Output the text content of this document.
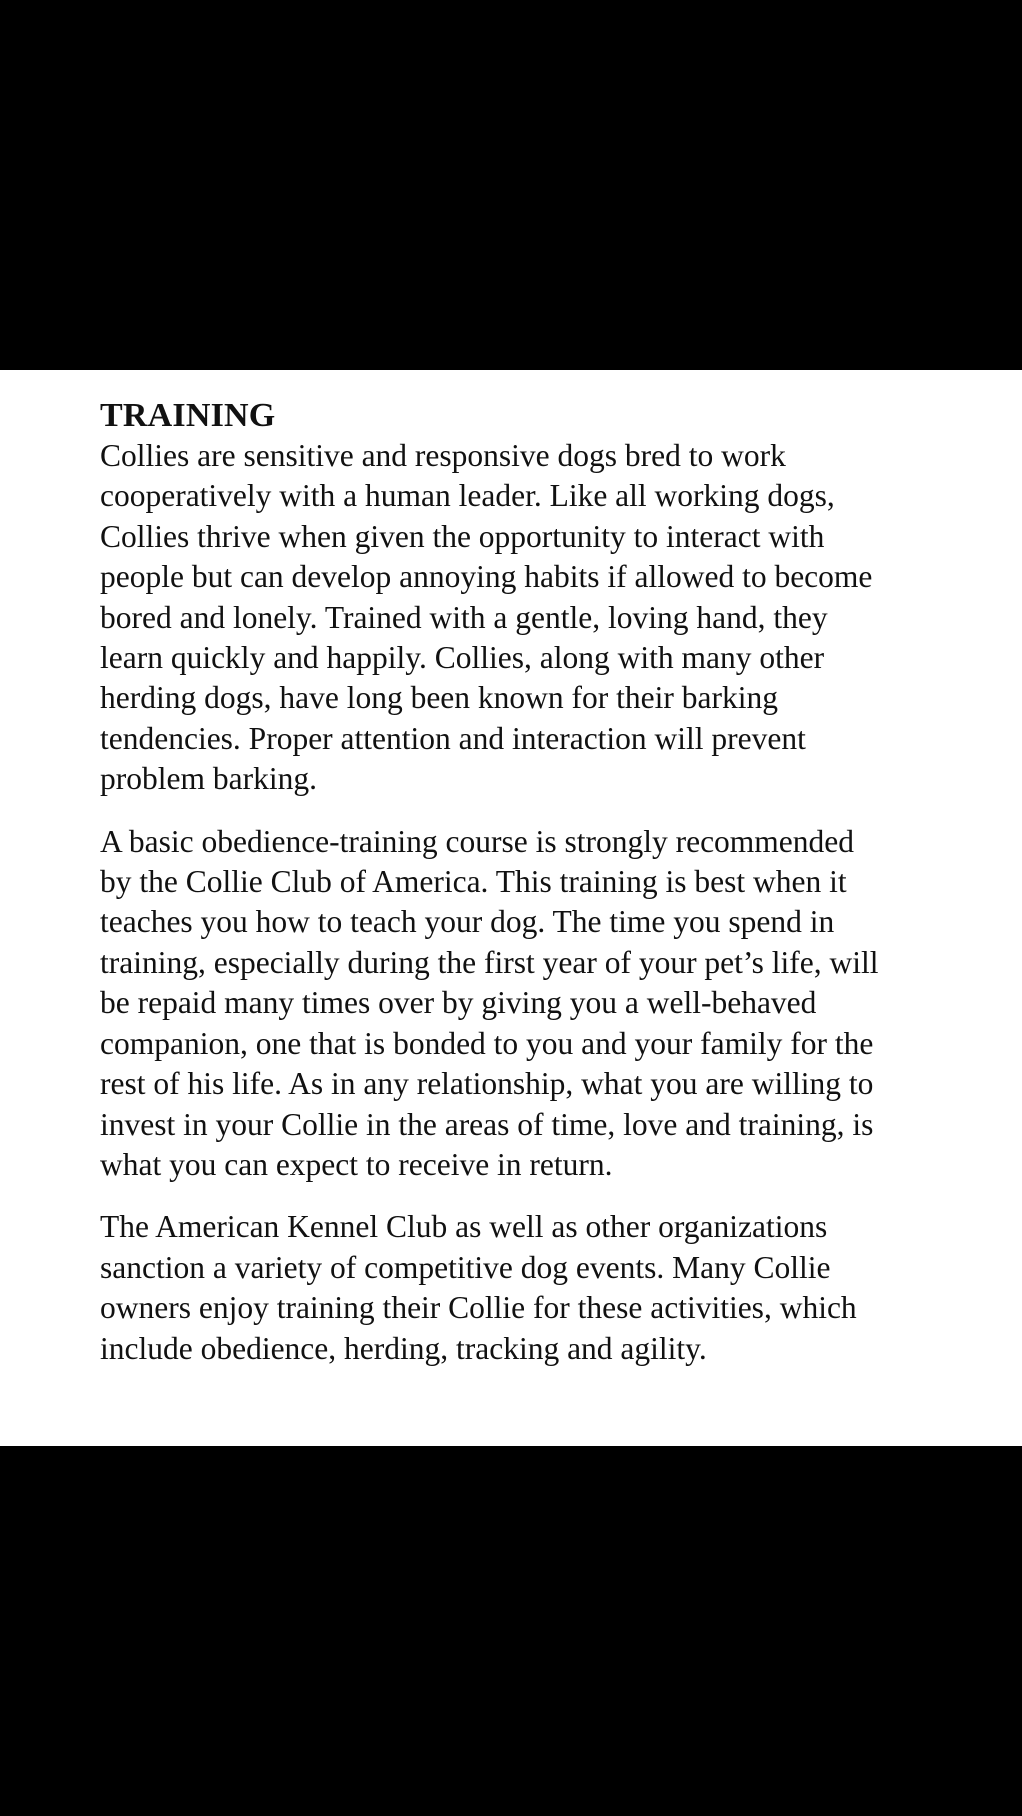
TRAINING

Collies are sensitive and responsive dogs bred to work
cooperatively with a human leader. Like all working dogs,
Collies thrive when given the opportunity to interact with
people but can develop annoying habits if allowed to become
bored and lonely. Trained with a gentle, loving hand, they
learn quickly and happily. Collies, along with many other
herding dogs, have long been known for their barking
tendencies. Proper attention and interaction will prevent
problem barking.

A basic obedience-training course is strongly recommended
by the Collie Club of America. This training is best when it
teaches you how to teach your dog. The time you spend in
training, especially during the first year of your pet’s life, will
be repaid many times over by giving you a well-behaved
companion, one that is bonded to you and your family for the
rest of his life. As in any relationship, what you are willing to
invest in your Collie in the areas of time, love and training, is
what you can expect to receive in return.

The American Kennel Club as well as other organizations
sanction a variety of competitive dog events. Many Collie
owners enjoy training their Collie for these activities, which
include obedience, herding, tracking and agility.
